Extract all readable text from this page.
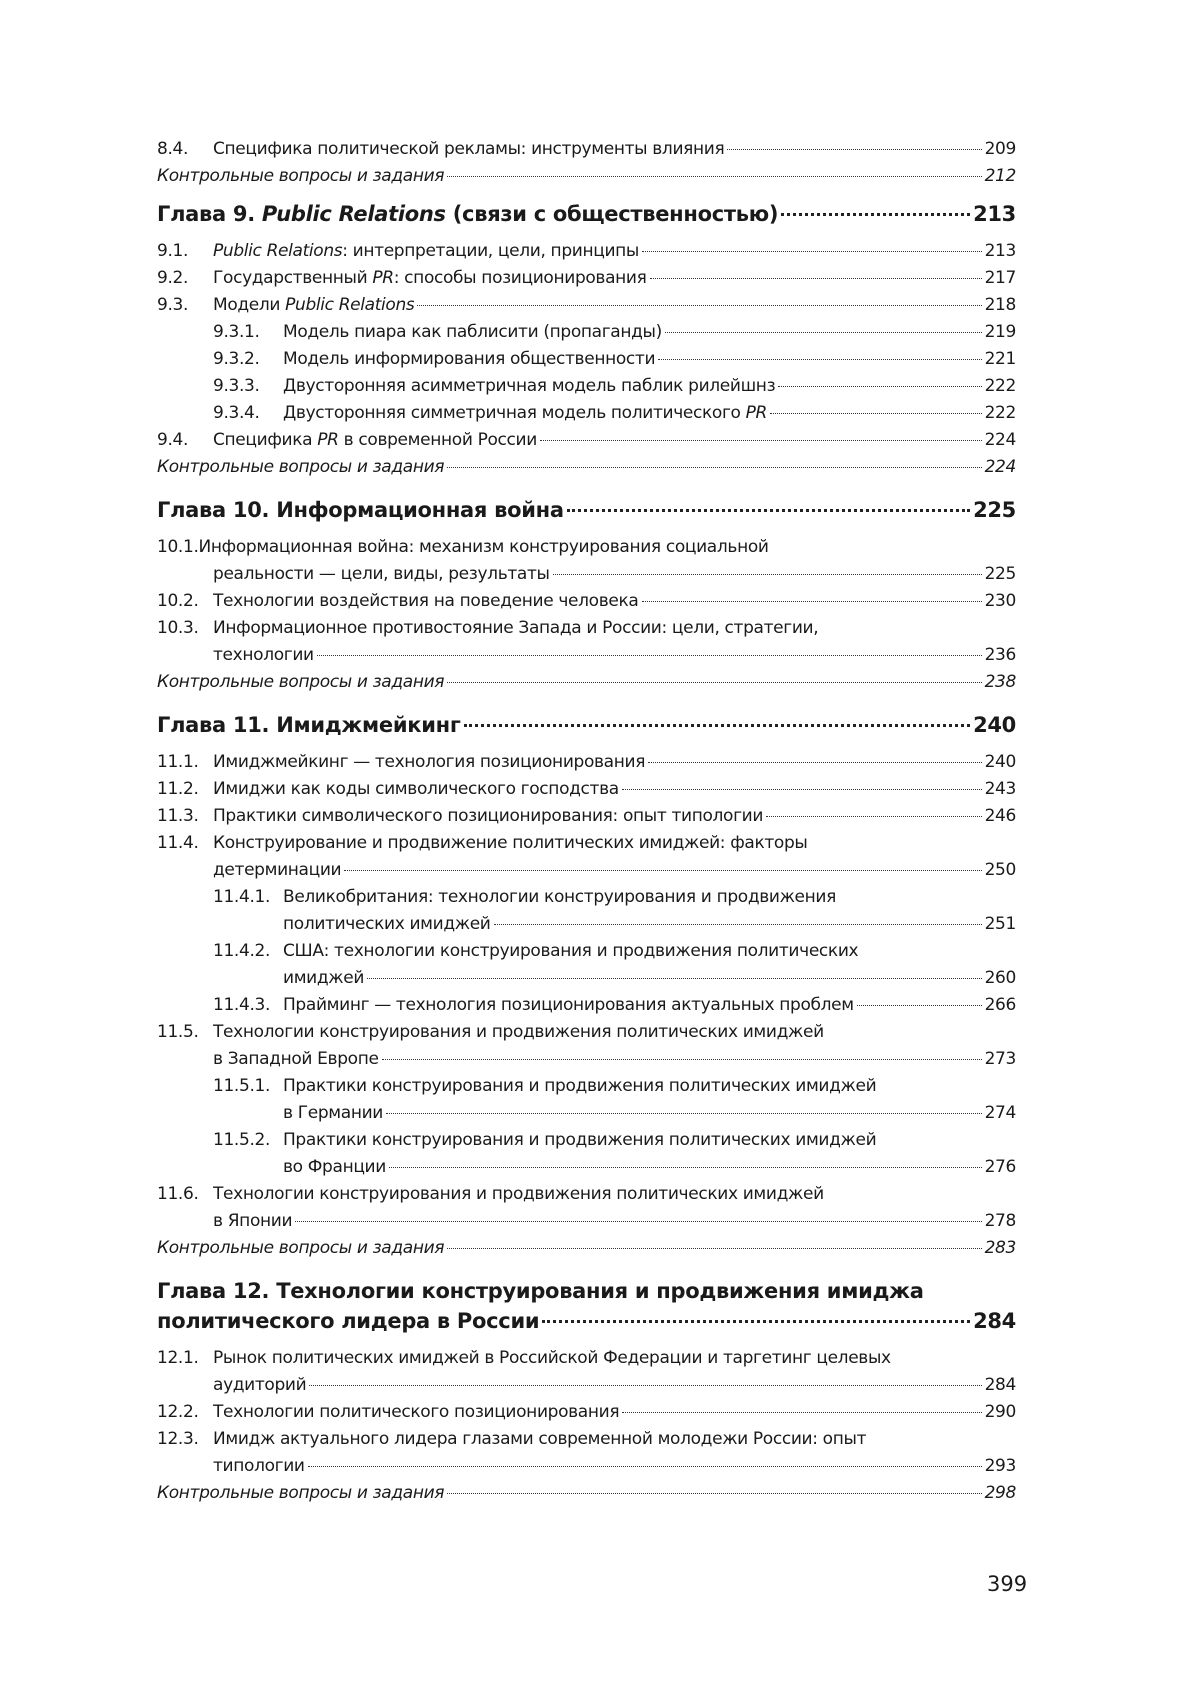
8.4.	Специфика политической рекламы: инструменты влияния	209
Контрольные вопросы и задания	212
Глава 9. Public Relations (связи с общественностью)	213
9.1.	Public Relations: интерпретации, цели, принципы	213
9.2.	Государственный PR: способы позиционирования	217
9.3.	Модели Public Relations	218
9.3.1.	Модель пиара как паблисити (пропаганды)	219
9.3.2.	Модель информирования общественности	221
9.3.3.	Двусторонняя асимметричная модель паблик рилейшнз	222
9.3.4.	Двусторонняя симметричная модель политического PR	222
9.4.	Специфика PR в современной России	224
Контрольные вопросы и задания	224
Глава 10. Информационная война	225
10.1. Информационная война: механизм конструирования социальной
реальности — цели, виды, результаты	225
10.2. Технологии воздействия на поведение человека	230
10.3. Информационное противостояние Запада и России: цели, стратегии,
технологии	236
Контрольные вопросы и задания	238
Глава 11. Имиджмейкинг	240
11.1. Имиджмейкинг — технология позиционирования	240
11.2. Имиджи как коды символического господства	243
11.3. Практики символического позиционирования: опыт типологии	246
11.4. Конструирование и продвижение политических имиджей: факторы
детерминации	250
11.4.1. Великобритания: технологии конструирования и продвижения
политических имиджей	251
11.4.2. США: технологии конструирования и продвижения политических
имиджей	260
11.4.3. Прайминг — технология позиционирования актуальных проблем	266
11.5. Технологии конструирования и продвижения политических имиджей
в Западной Европе	273
11.5.1. Практики конструирования и продвижения политических имиджей
в Германии	274
11.5.2. Практики конструирования и продвижения политических имиджей
во Франции	276
11.6. Технологии конструирования и продвижения политических имиджей
в Японии	278
Контрольные вопросы и задания	283
Глава 12. Технологии конструирования и продвижения имиджа
политического лидера в России	284
12.1. Рынок политических имиджей в Российской Федерации и таргетинг целевых
аудиторий	284
12.2. Технологии политического позиционирования	290
12.3. Имидж актуального лидера глазами современной молодежи России: опыт
типологии	293
Контрольные вопросы и задания	298
399
